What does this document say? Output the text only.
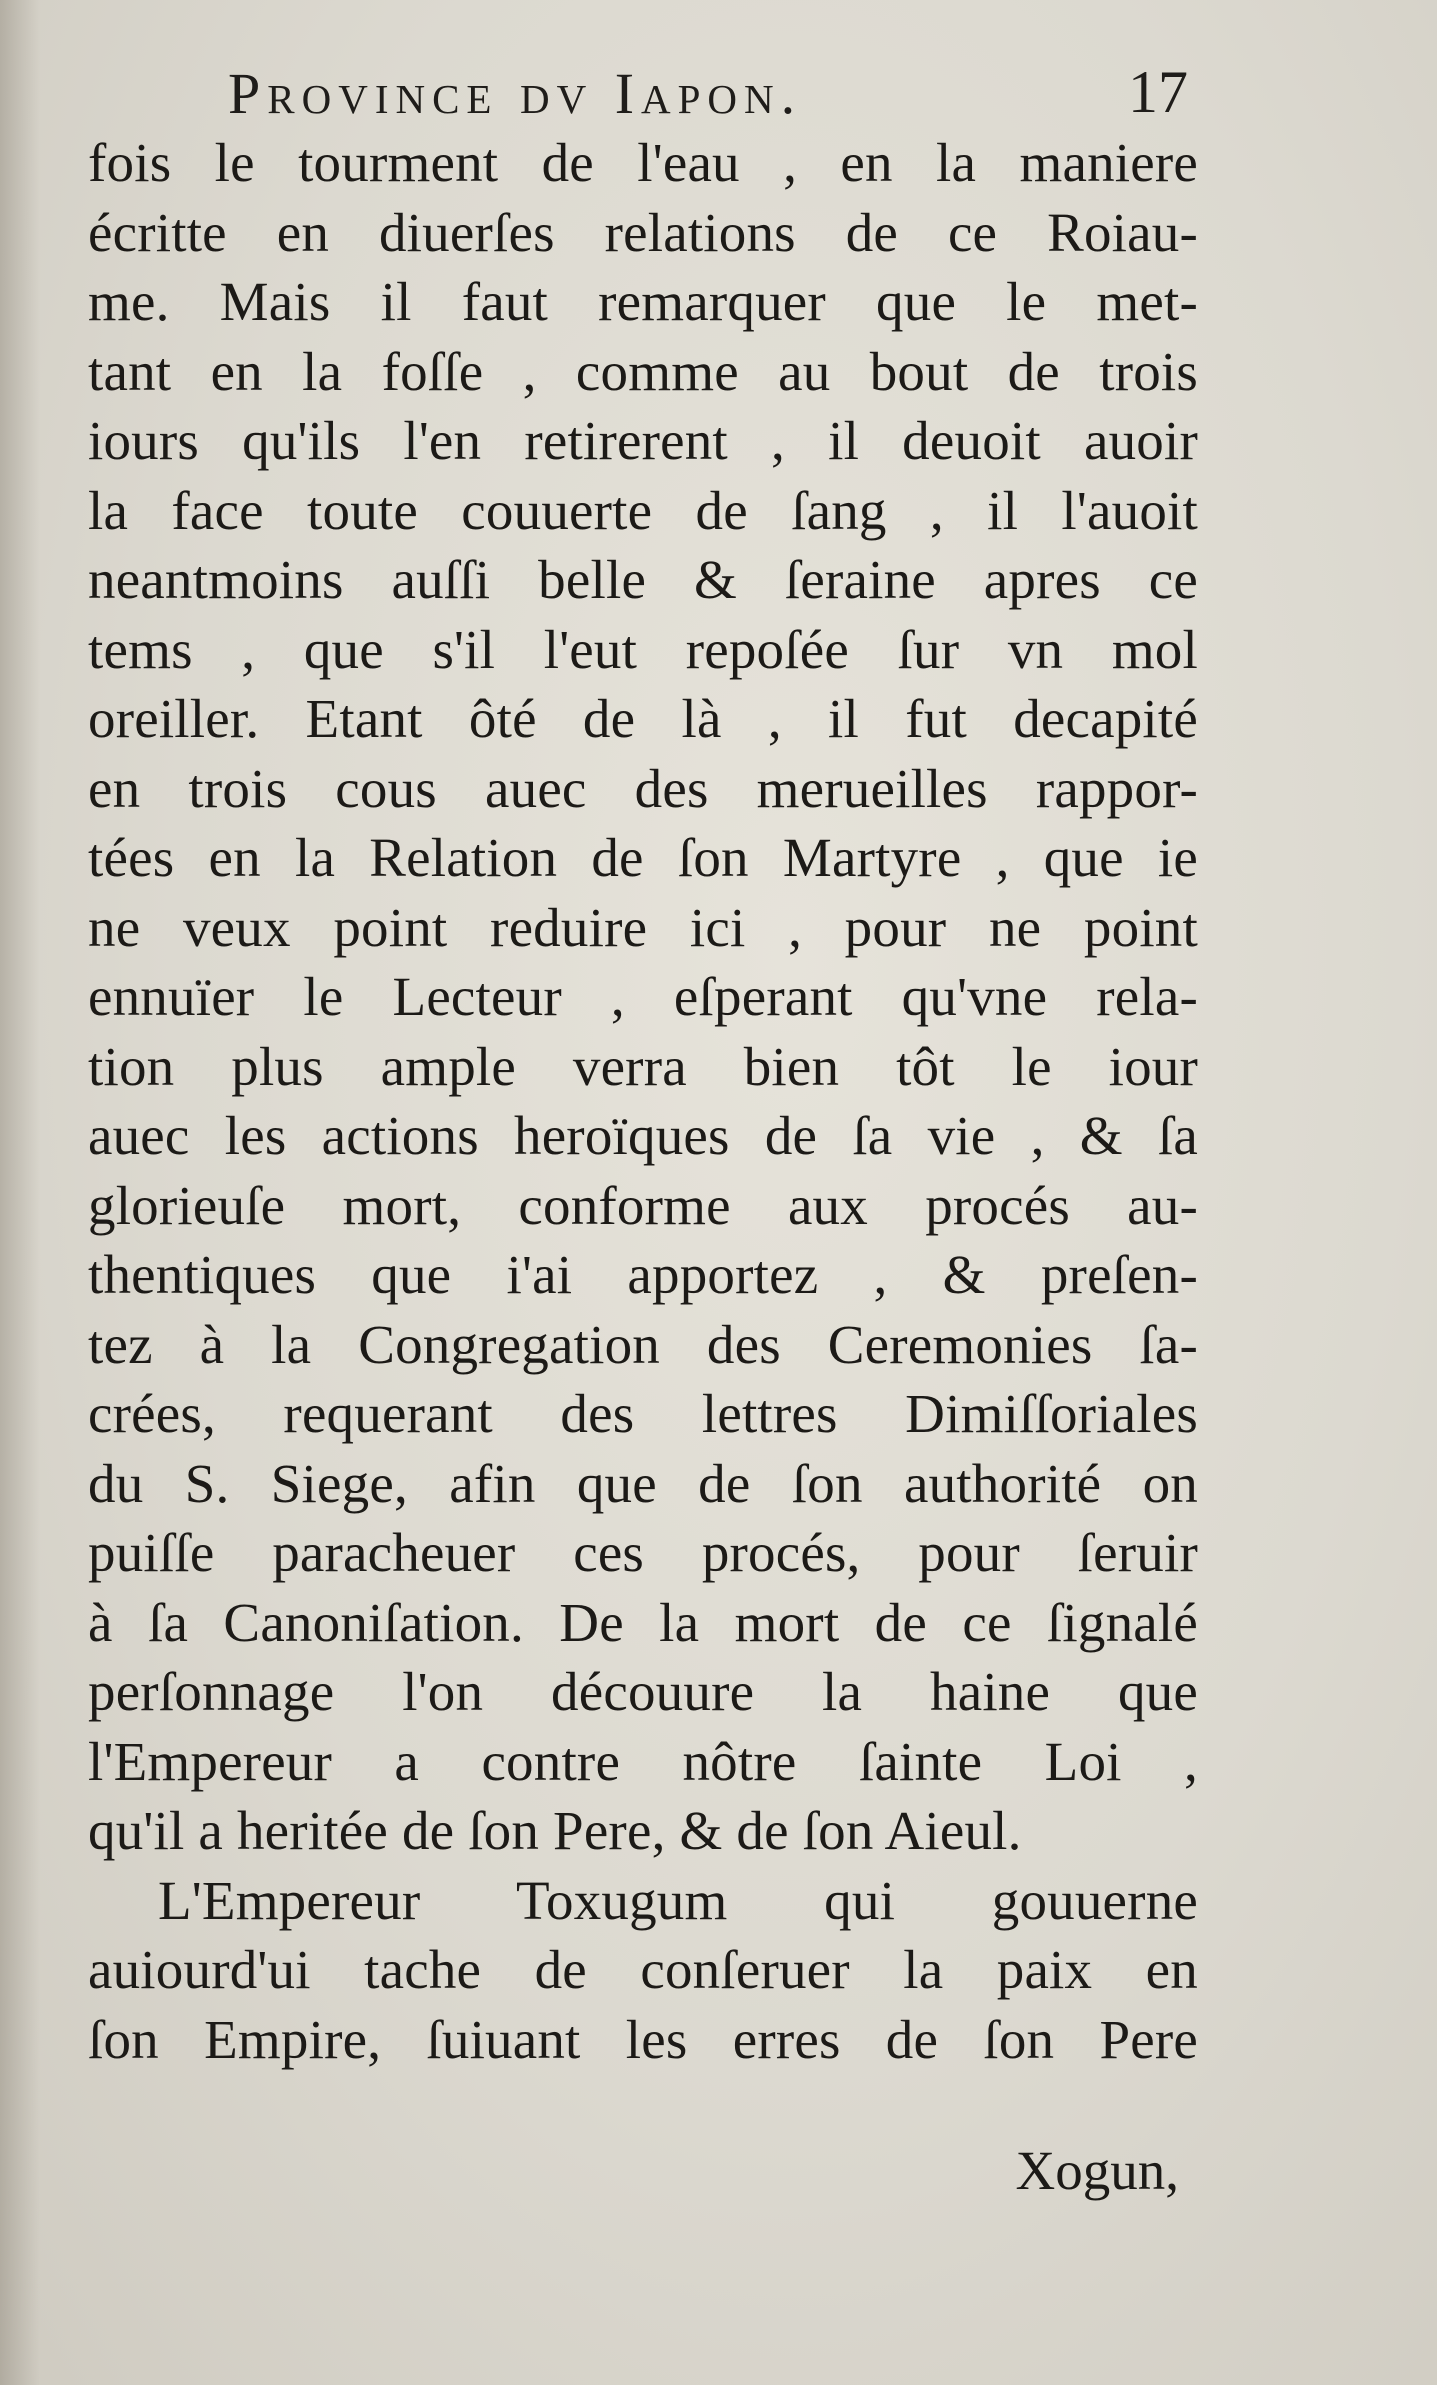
Province dv Iapon.	17
fois le tourment de l'eau , en la maniere
écritte en diuerſes relations de ce Roiau-
me. Mais il faut remarquer que le met-
tant en la foſſe , comme au bout de trois
iours qu'ils l'en retirerent , il deuoit auoir
la face toute couuerte de ſang , il l'auoit
neantmoins auſſi belle & ſeraine apres ce
tems , que s'il l'eut repoſée ſur vn mol
oreiller. Etant ôté de là , il fut decapité
en trois cous auec des merueilles rappor-
tées en la Relation de ſon Martyre , que ie
ne veux point reduire ici , pour ne point
ennuïer le Lecteur , eſperant qu'vne rela-
tion plus ample verra bien tôt le iour
auec les actions heroïques de ſa vie , & ſa
glorieuſe mort, conforme aux procés au-
thentiques que i'ai apportez , & preſen-
tez à la Congregation des Ceremonies ſa-
crées, requerant des lettres Dimiſſoriales
du S. Siege, afin que de ſon authorité on
puiſſe paracheuer ces procés, pour ſeruir
à ſa Canoniſation. De la mort de ce ſignalé
perſonnage l'on découure la haine que
l'Empereur a contre nôtre ſainte Loi ,
qu'il a heritée de ſon Pere, & de ſon Aieul.
L'Empereur Toxugum qui gouuerne
auiourd'ui tache de conſeruer la paix en
ſon Empire, ſuiuant les erres de ſon Pere
Xogun,
